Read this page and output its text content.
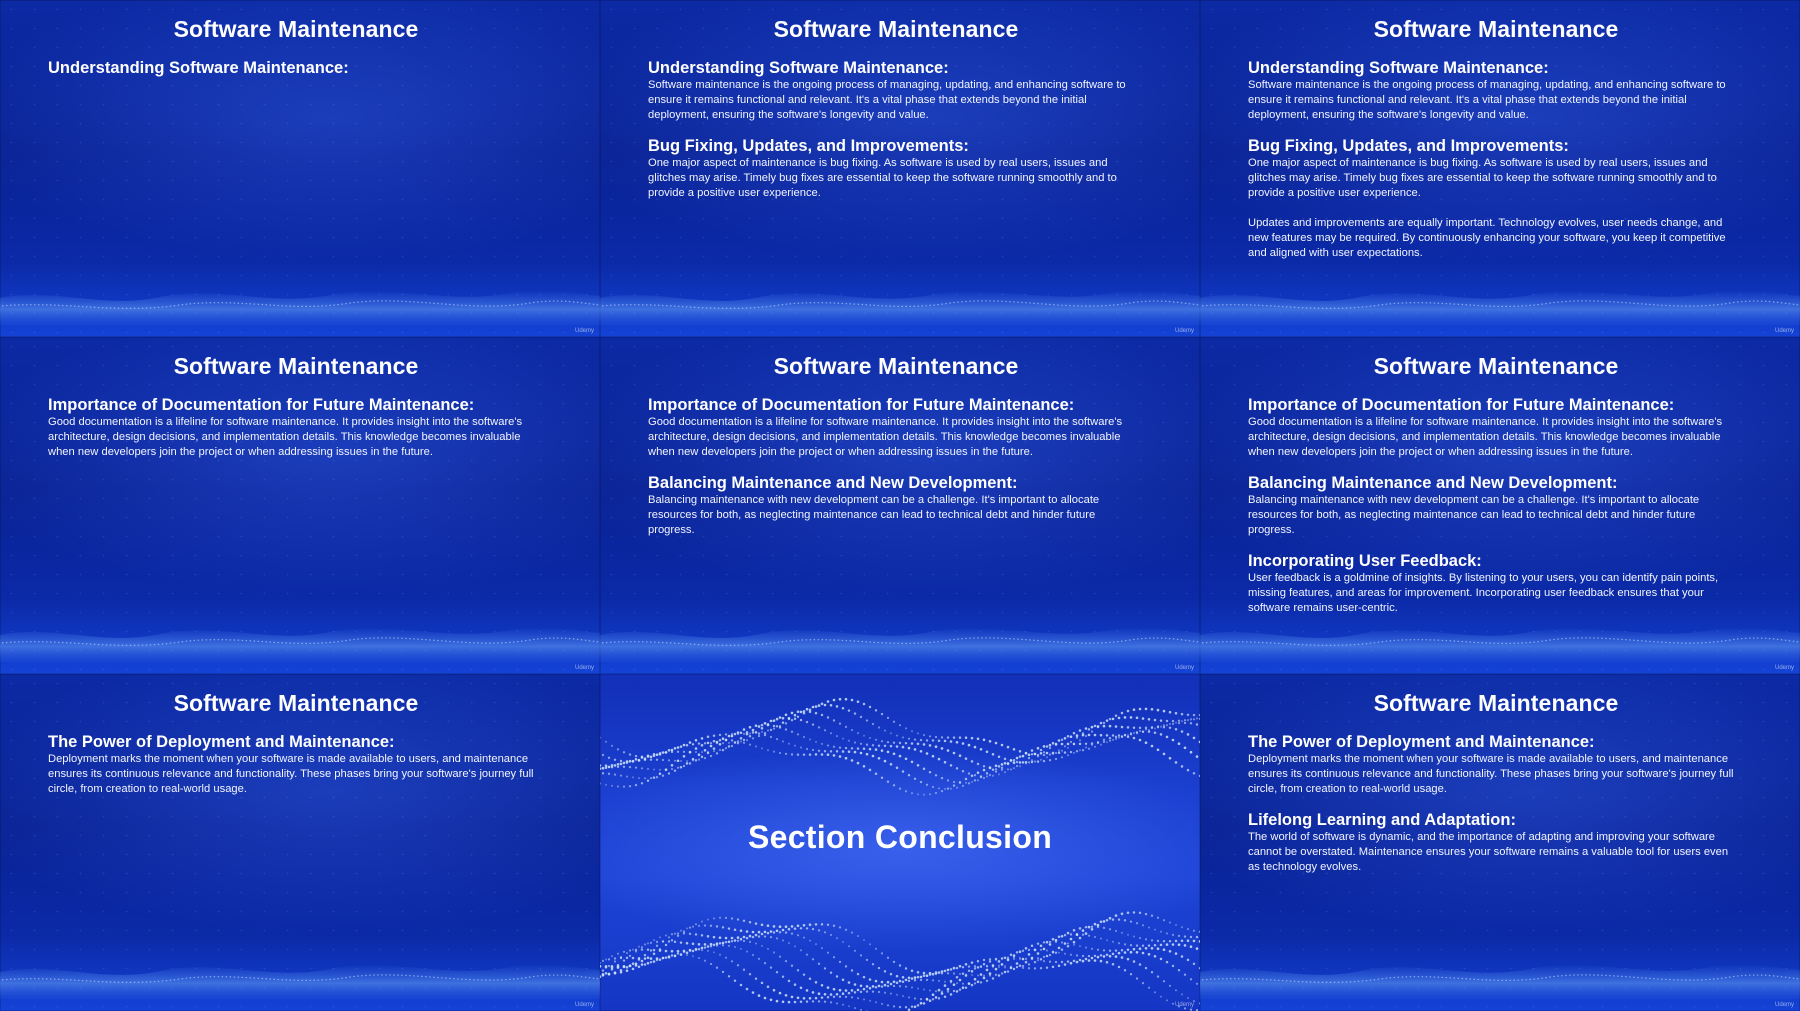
Software Maintenance
Understanding Software Maintenance:
Udemy
Software Maintenance
Understanding Software Maintenance:

Software maintenance is the ongoing process of managing, updating, and enhancing software to ensure it remains functional and relevant. It's a vital phase that extends beyond the initial deployment, ensuring the software's longevity and value.

Bug Fixing, Updates, and Improvements:

One major aspect of maintenance is bug fixing. As software is used by real users, issues and glitches may arise. Timely bug fixes are essential to keep the software running smoothly and to provide a positive user experience.

Udemy
Software Maintenance
Understanding Software Maintenance:

Software maintenance is the ongoing process of managing, updating, and enhancing software to ensure it remains functional and relevant. It's a vital phase that extends beyond the initial deployment, ensuring the software's longevity and value.

Bug Fixing, Updates, and Improvements:

One major aspect of maintenance is bug fixing. As software is used by real users, issues and glitches may arise. Timely bug fixes are essential to keep the software running smoothly and to provide a positive user experience.

Updates and improvements are equally important. Technology evolves, user needs change, and new features may be required. By continuously enhancing your software, you keep it competitive and aligned with user expectations.

Udemy
Software Maintenance
Importance of Documentation for Future Maintenance:

Good documentation is a lifeline for software maintenance. It provides insight into the software's architecture, design decisions, and implementation details. This knowledge becomes invaluable when new developers join the project or when addressing issues in the future.

Udemy
Software Maintenance
Importance of Documentation for Future Maintenance:

Good documentation is a lifeline for software maintenance. It provides insight into the software's architecture, design decisions, and implementation details. This knowledge becomes invaluable when new developers join the project or when addressing issues in the future.

Balancing Maintenance and New Development:

Balancing maintenance with new development can be a challenge. It's important to allocate resources for both, as neglecting maintenance can lead to technical debt and hinder future progress.

Udemy
Software Maintenance
Importance of Documentation for Future Maintenance:

Good documentation is a lifeline for software maintenance. It provides insight into the software's architecture, design decisions, and implementation details. This knowledge becomes invaluable when new developers join the project or when addressing issues in the future.

Balancing Maintenance and New Development:

Balancing maintenance with new development can be a challenge. It's important to allocate resources for both, as neglecting maintenance can lead to technical debt and hinder future progress.

Incorporating User Feedback:

User feedback is a goldmine of insights. By listening to your users, you can identify pain points, missing features, and areas for improvement. Incorporating user feedback ensures that your software remains user-centric.

Udemy
Software Maintenance
The Power of Deployment and Maintenance:

Deployment marks the moment when your software is made available to users, and maintenance ensures its continuous relevance and functionality. These phases bring your software's journey full circle, from creation to real-world usage.

Udemy
Section Conclusion
Udemy
Software Maintenance
The Power of Deployment and Maintenance:

Deployment marks the moment when your software is made available to users, and maintenance ensures its continuous relevance and functionality. These phases bring your software's journey full circle, from creation to real-world usage.

Lifelong Learning and Adaptation:

The world of software is dynamic, and the importance of adapting and improving your software cannot be overstated. Maintenance ensures your software remains a valuable tool for users even as technology evolves.

Udemy
